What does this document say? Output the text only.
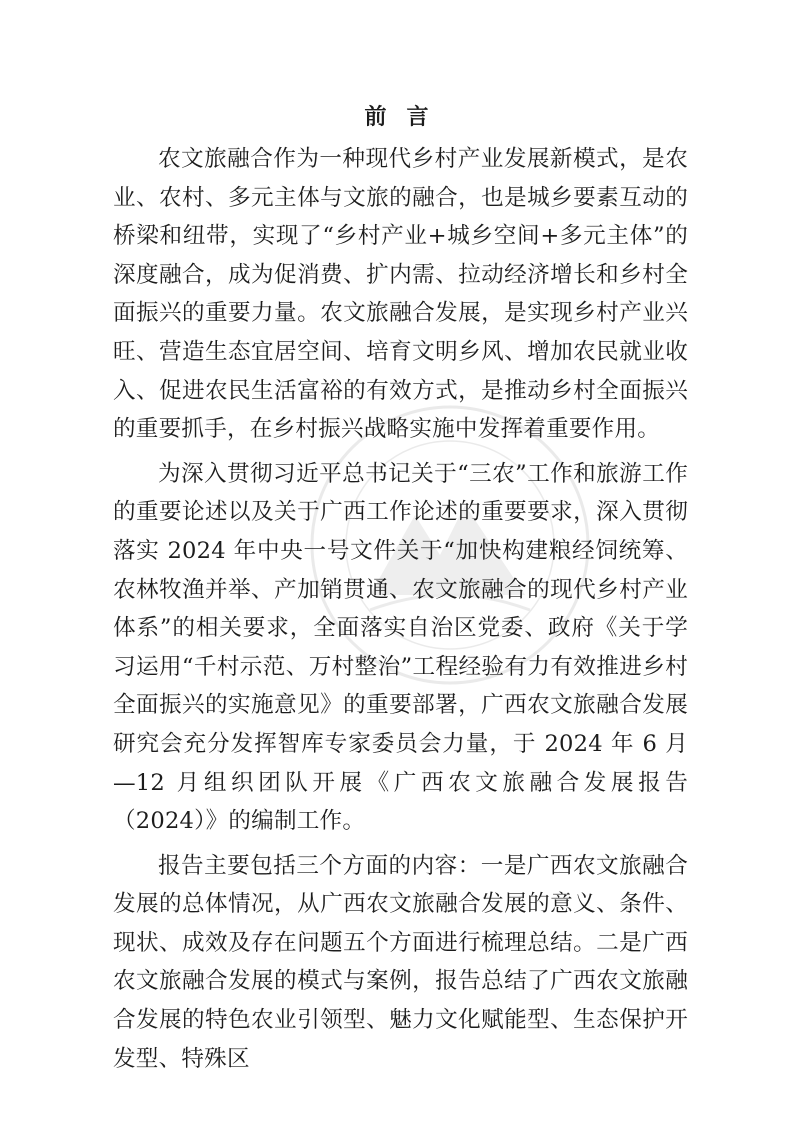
前言

农文旅融合作为一种现代乡村产业发展新模式，是农业、农村、多元主体与文旅的融合，也是城乡要素互动的桥梁和纽带，实现了“乡村产业+城乡空间+多元主体”的深度融合，成为促消费、扩内需、拉动经济增长和乡村全面振兴的重要力量。农文旅融合发展，是实现乡村产业兴旺、营造生态宜居空间、培育文明乡风、增加农民就业收入、促进农民生活富裕的有效方式，是推动乡村全面振兴的重要抓手，在乡村振兴战略实施中发挥着重要作用。

为深入贯彻习近平总书记关于“三农”工作和旅游工作的重要论述以及关于广西工作论述的重要要求，深入贯彻落实 2024 年中央一号文件关于“加快构建粮经饲统筹、农林牧渔并举、产加销贯通、农文旅融合的现代乡村产业体系”的相关要求，全面落实自治区党委、政府《关于学习运用“千村示范、万村整治”工程经验有力有效推进乡村全面振兴的实施意见》的重要部署，广西农文旅融合发展研究会充分发挥智库专家委员会力量，于 2024 年 6 月—12 月组织团队开展《广西农文旅融合发展报告（2024）》的编制工作。

报告主要包括三个方面的内容：一是广西农文旅融合发展的总体情况，从广西农文旅融合发展的意义、条件、现状、成效及存在问题五个方面进行梳理总结。二是广西农文旅融合发展的模式与案例，报告总结了广西农文旅融合发展的特色农业引领型、魅力文化赋能型、生态保护开发型、特殊区
